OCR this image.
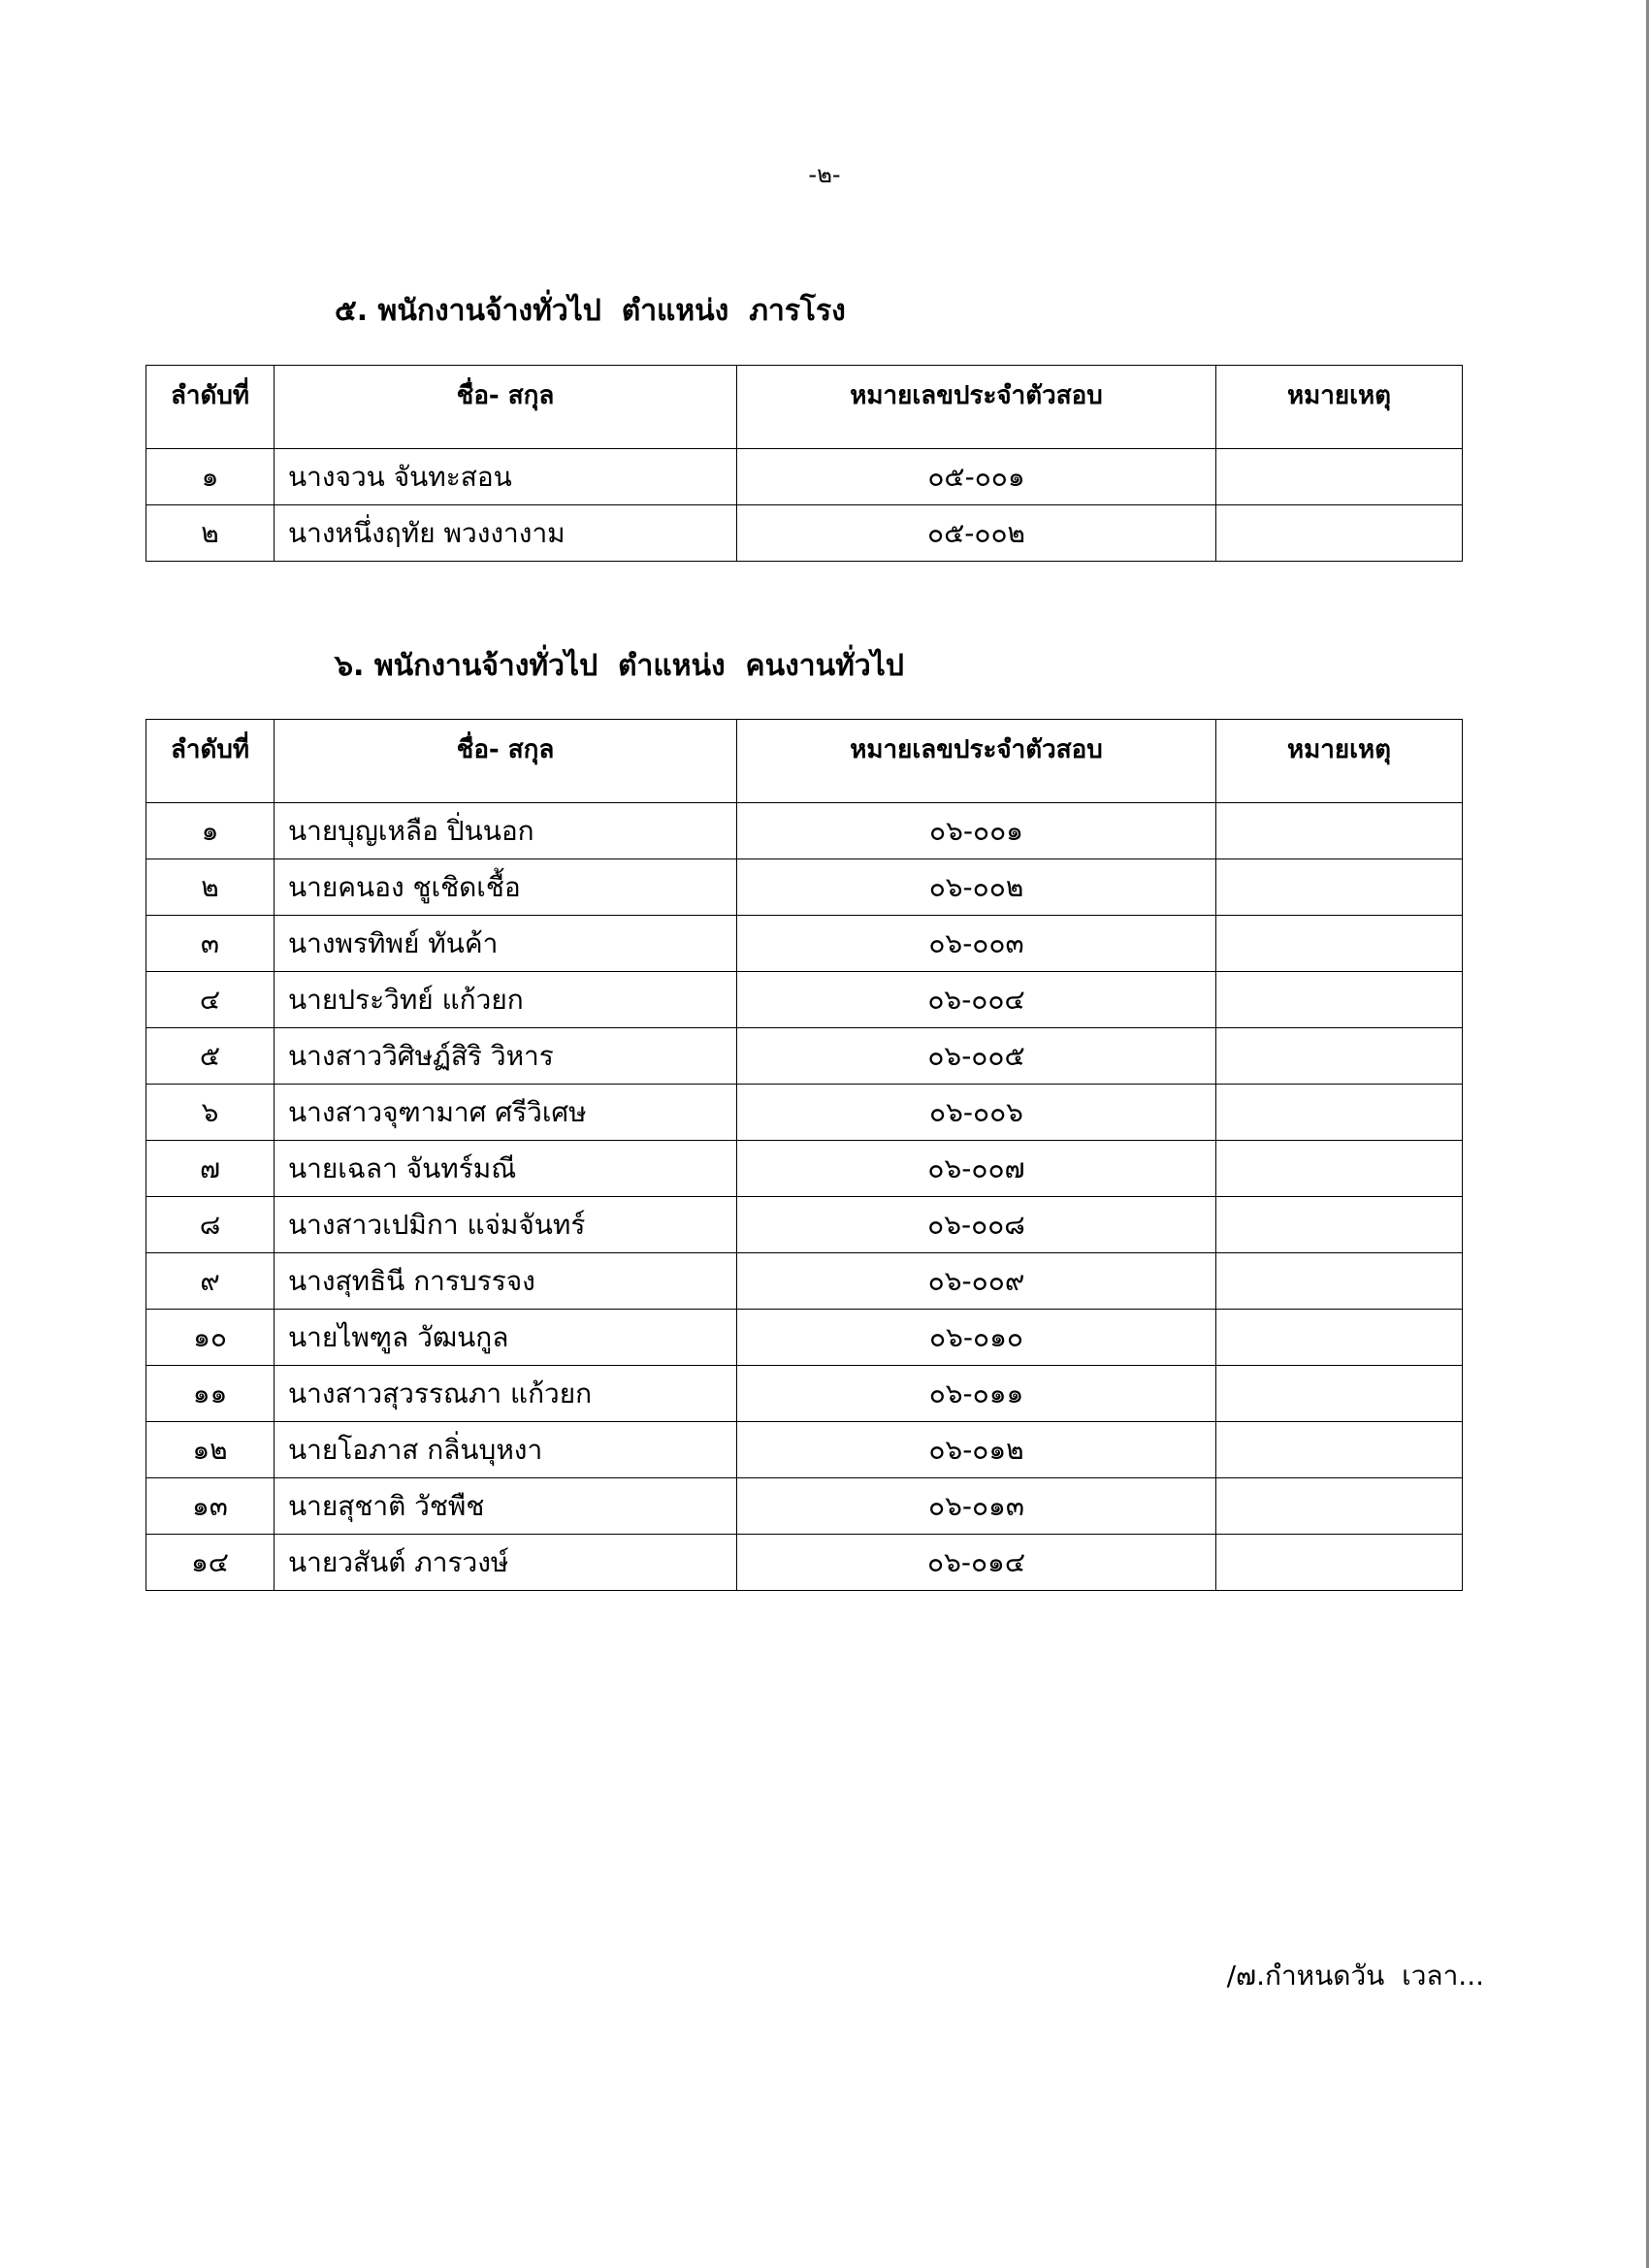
-๒-
๕. พนักงานจ้างทั่วไป  ตำแหน่ง  ภารโรง
ลำดับที่	ชื่อ- สกุล	หมายเลขประจำตัวสอบ	หมายเหตุ
๑	นางจวน จันทะสอน	๐๕-๐๐๑	
๒	นางหนึ่งฤทัย พวงงางาม	๐๕-๐๐๒	
๖. พนักงานจ้างทั่วไป  ตำแหน่ง  คนงานทั่วไป
ลำดับที่	ชื่อ- สกุล	หมายเลขประจำตัวสอบ	หมายเหตุ
๑	นายบุญเหลือ ปิ่นนอก	๐๖-๐๐๑	
๒	นายคนอง ชูเชิดเชื้อ	๐๖-๐๐๒	
๓	นางพรทิพย์ ทันค้า	๐๖-๐๐๓	
๔	นายประวิทย์ แก้วยก	๐๖-๐๐๔	
๕	นางสาววิศิษฏ์สิริ วิหาร	๐๖-๐๐๕	
๖	นางสาวจุฑามาศ ศรีวิเศษ	๐๖-๐๐๖	
๗	นายเฉลา จันทร์มณี	๐๖-๐๐๗	
๘	นางสาวเปมิกา แจ่มจันทร์	๐๖-๐๐๘	
๙	นางสุทธินี การบรรจง	๐๖-๐๐๙	
๑๐	นายไพฑูล วัฒนกูล	๐๖-๐๑๐	
๑๑	นางสาวสุวรรณภา แก้วยก	๐๖-๐๑๑	
๑๒	นายโอภาส กลิ่นบุหงา	๐๖-๐๑๒	
๑๓	นายสุชาติ วัชพืช	๐๖-๐๑๓	
๑๔	นายวสันต์ ภารวงษ์	๐๖-๐๑๔	
/๗.กำหนดวัน  เวลา...
